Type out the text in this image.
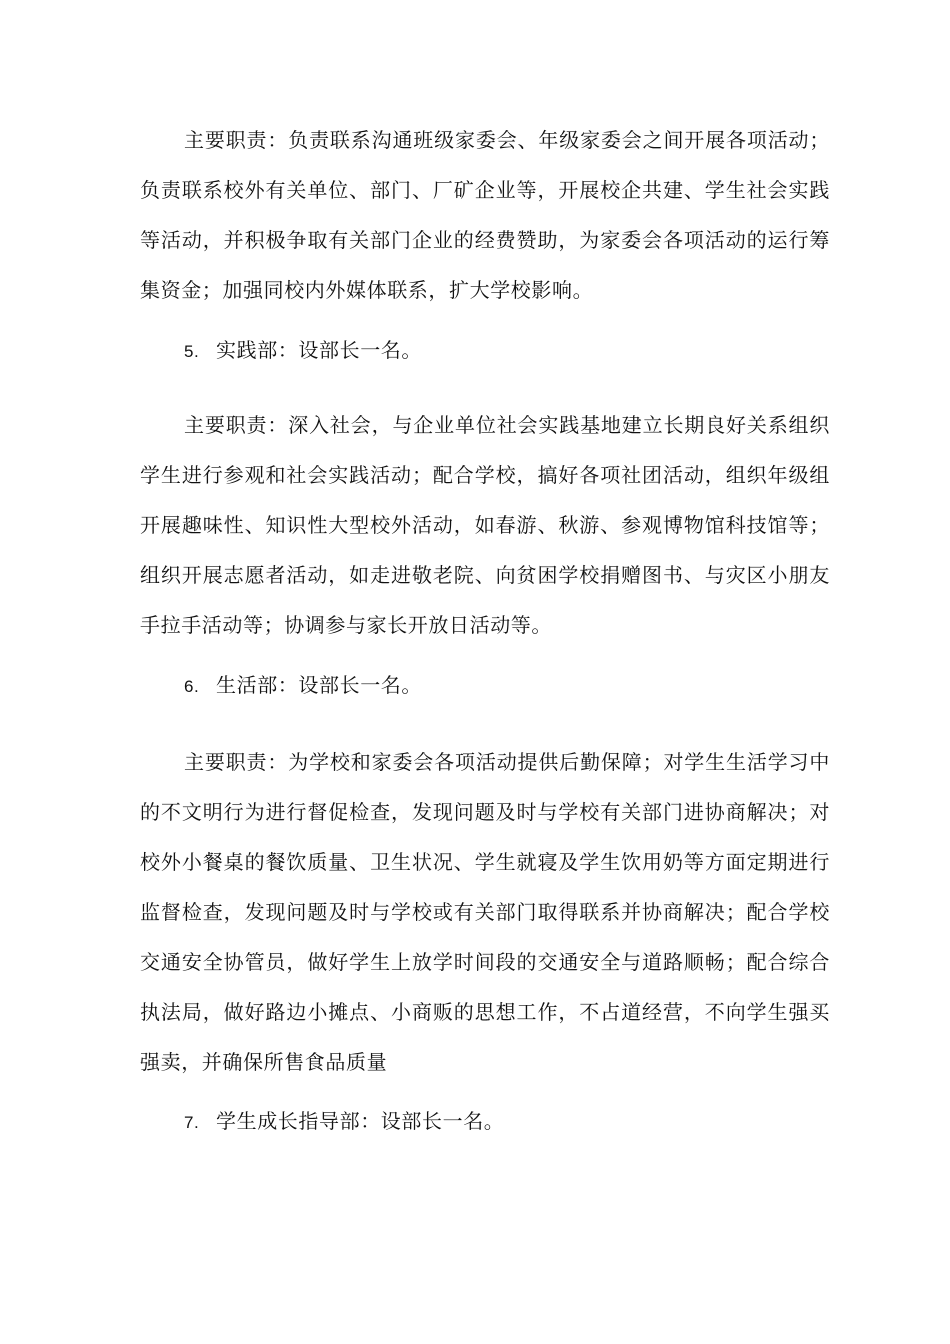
主要职责：负责联系沟通班级家委会、年级家委会之间开展各项活动；负责联系校外有关单位、部门、厂矿企业等，开展校企共建、学生社会实践等活动，并积极争取有关部门企业的经费赞助，为家委会各项活动的运行筹集资金；加强同校内外媒体联系，扩大学校影响。

5. 实践部：设部长一名。

主要职责：深入社会，与企业单位社会实践基地建立长期良好关系组织学生进行参观和社会实践活动；配合学校，搞好各项社团活动，组织年级组开展趣味性、知识性大型校外活动，如春游、秋游、参观博物馆科技馆等；组织开展志愿者活动，如走进敬老院、向贫困学校捐赠图书、与灾区小朋友手拉手活动等；协调参与家长开放日活动等。

6. 生活部：设部长一名。

主要职责：为学校和家委会各项活动提供后勤保障；对学生生活学习中的不文明行为进行督促检查，发现问题及时与学校有关部门进协商解决；对校外小餐桌的餐饮质量、卫生状况、学生就寝及学生饮用奶等方面定期进行监督检查，发现问题及时与学校或有关部门取得联系并协商解决；配合学校交通安全协管员，做好学生上放学时间段的交通安全与道路顺畅；配合综合执法局，做好路边小摊点、小商贩的思想工作，不占道经营，不向学生强买强卖，并确保所售食品质量

7. 学生成长指导部：设部长一名。
